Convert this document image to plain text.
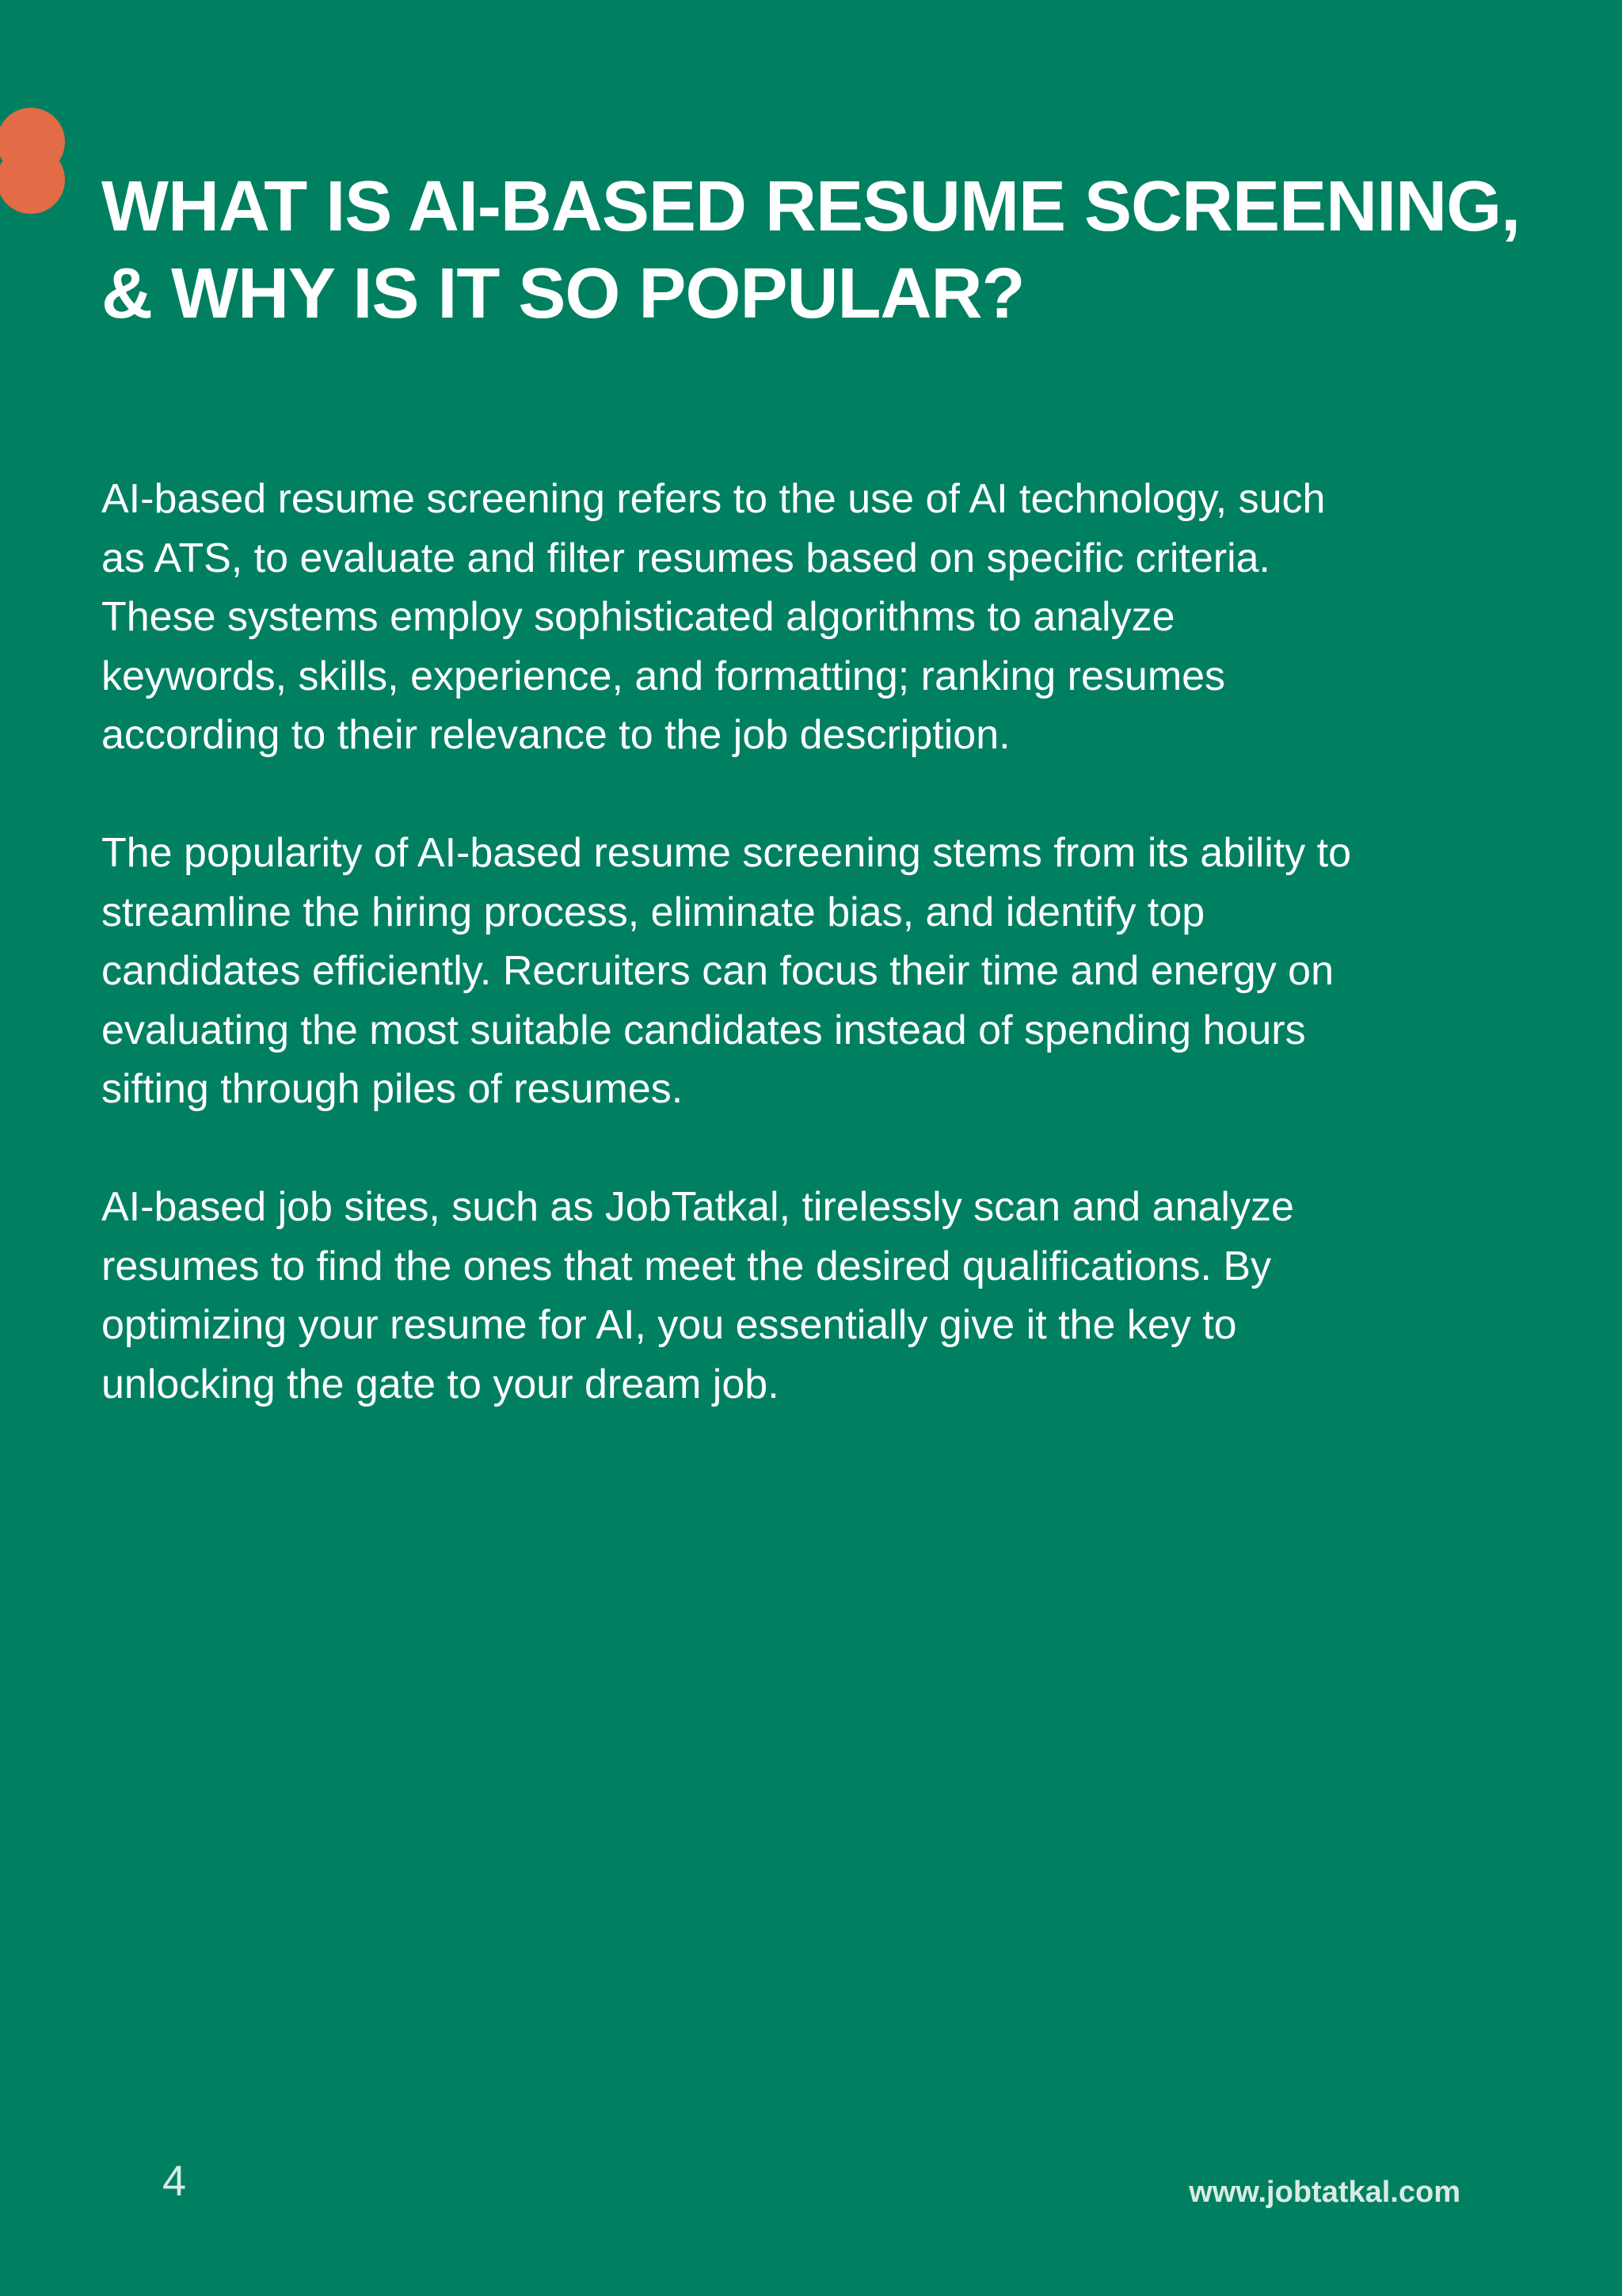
WHAT IS AI-BASED RESUME SCREENING,
& WHY IS IT SO POPULAR?

AI-based resume screening refers to the use of AI technology, such
as ATS, to evaluate and filter resumes based on specific criteria.
These systems employ sophisticated algorithms to analyze
keywords, skills, experience, and formatting; ranking resumes
according to their relevance to the job description.

The popularity of AI-based resume screening stems from its ability to
streamline the hiring process, eliminate bias, and identify top
candidates efficiently. Recruiters can focus their time and energy on
evaluating the most suitable candidates instead of spending hours
sifting through piles of resumes.

AI-based job sites, such as JobTatkal, tirelessly scan and analyze
resumes to find the ones that meet the desired qualifications. By
optimizing your resume for AI, you essentially give it the key to
unlocking the gate to your dream job.

4	www.jobtatkal.com
